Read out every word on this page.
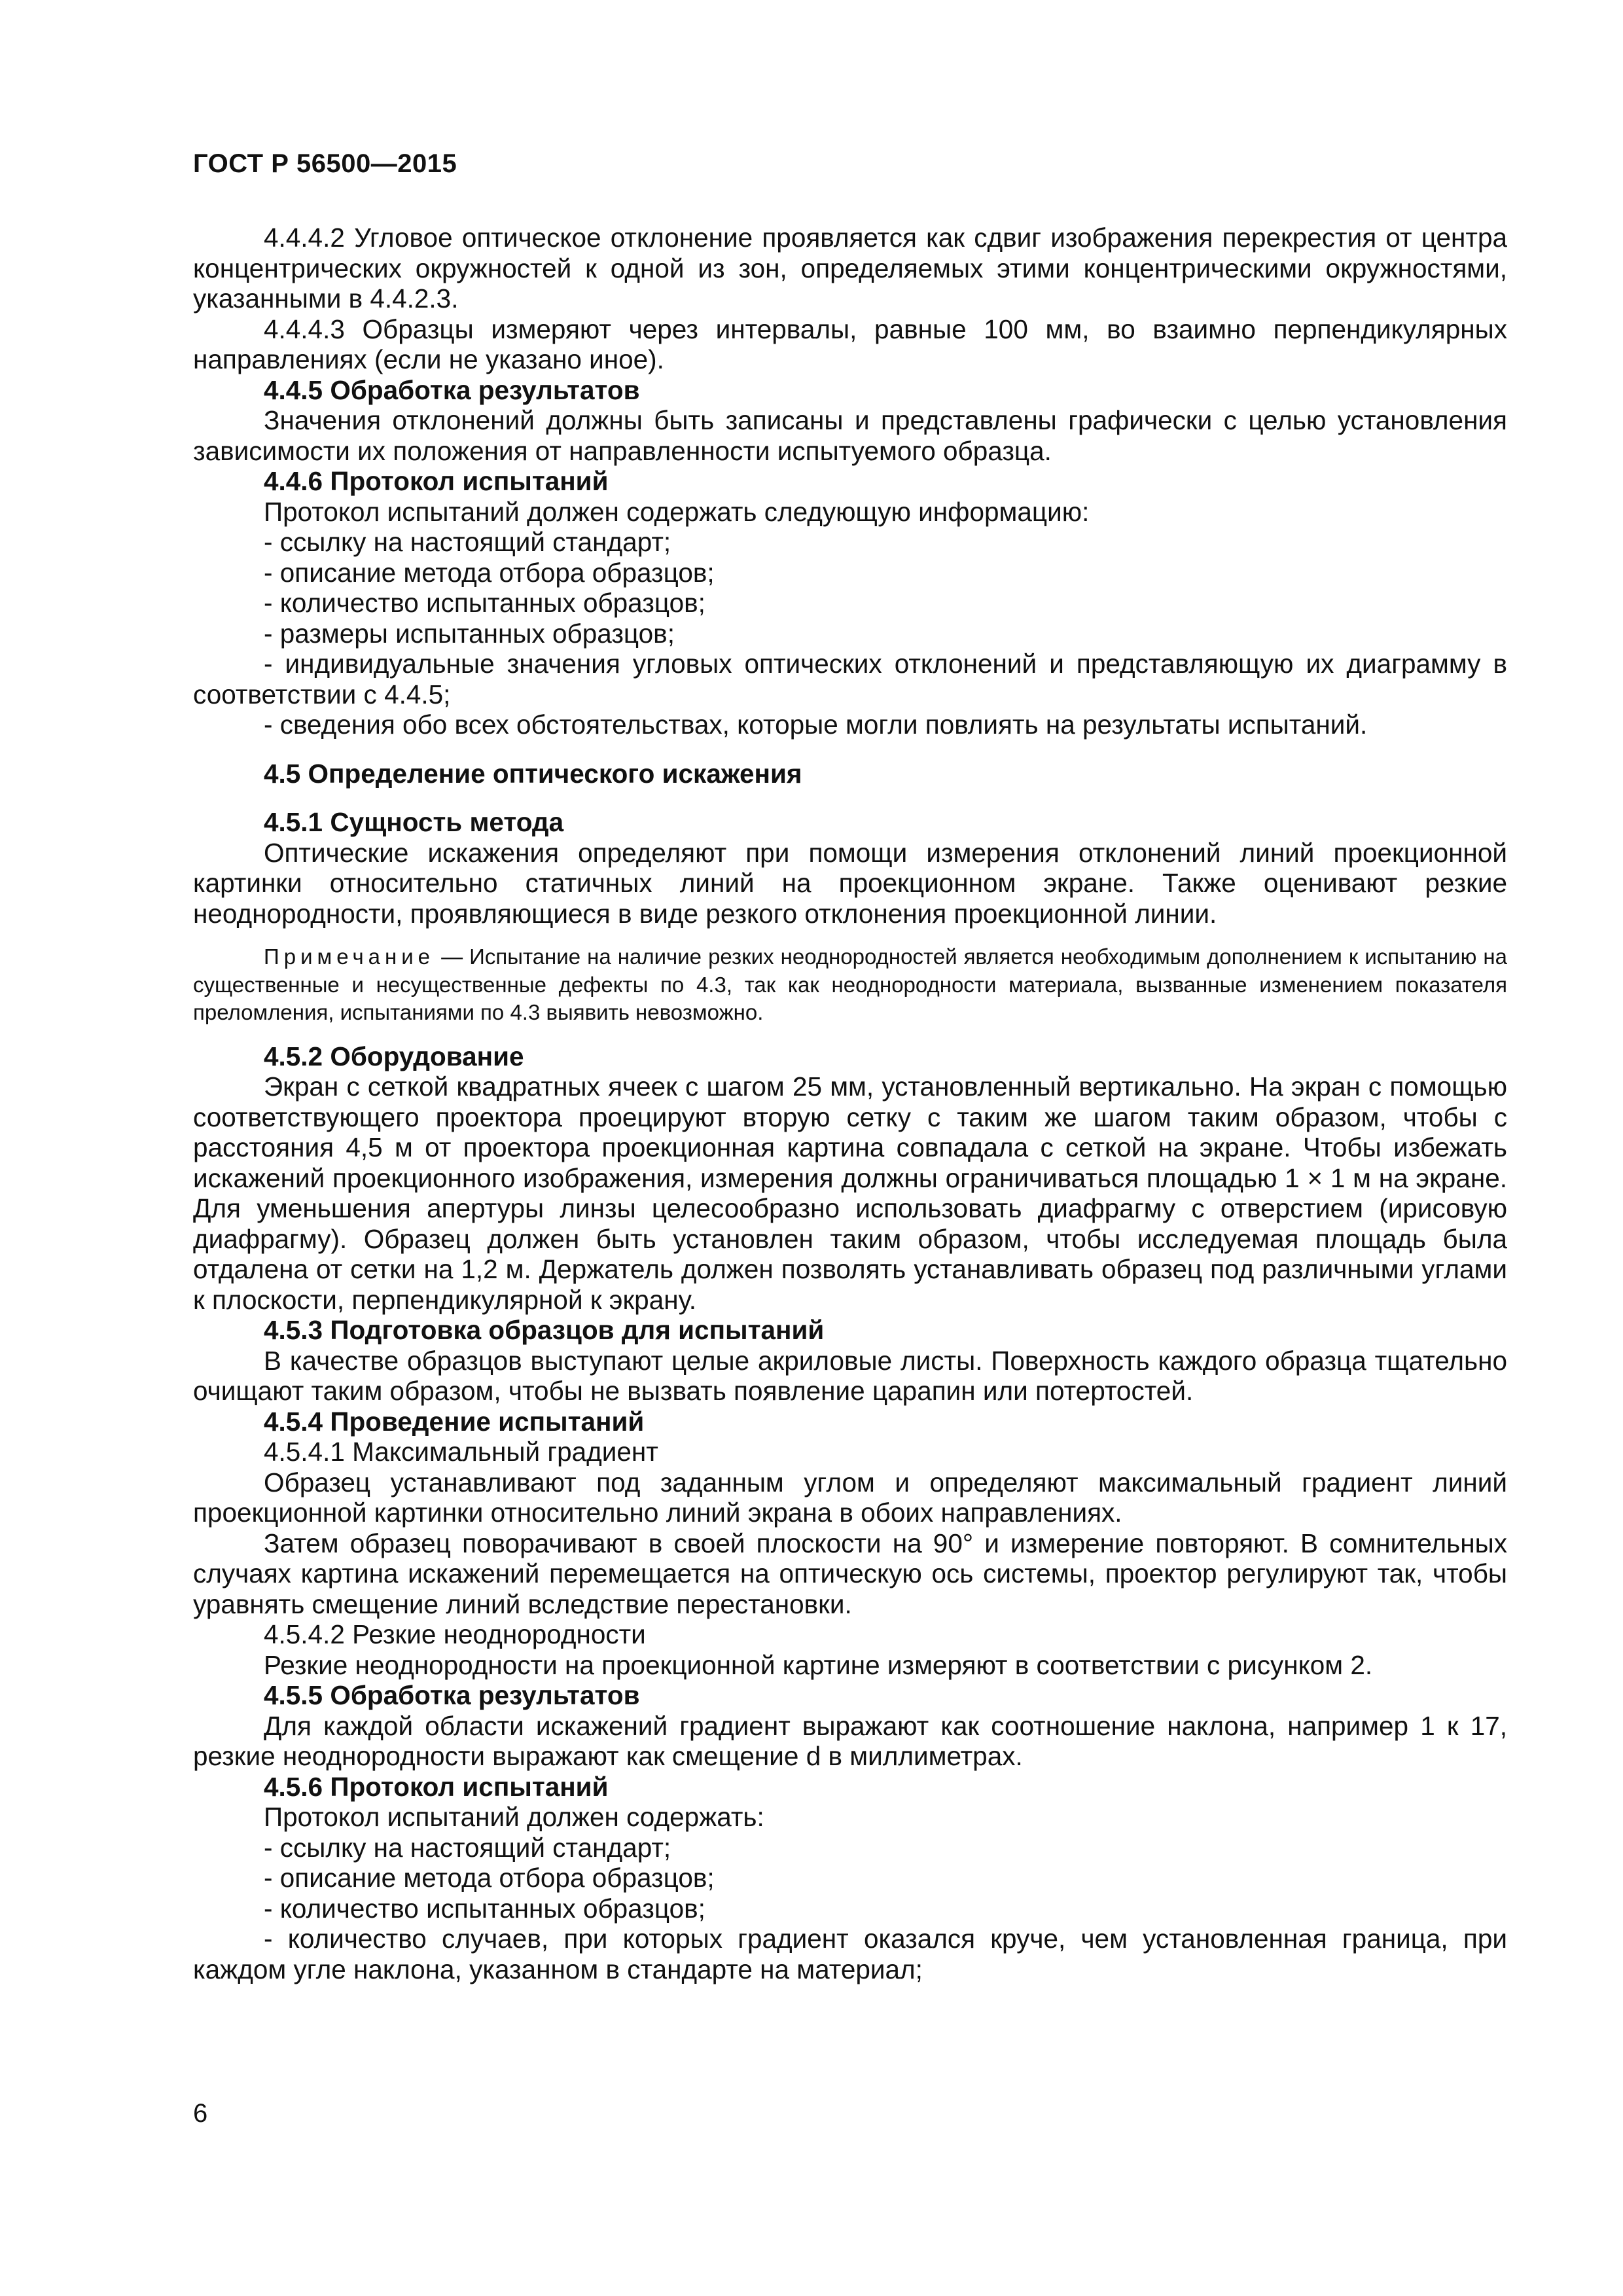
ГОСТ Р 56500—2015

4.4.4.2 Угловое оптическое отклонение проявляется как сдвиг изображения перекрестия от центра концентрических окружностей к одной из зон, определяемых этими концентрическими окружностями, указанными в 4.4.2.3.

4.4.4.3 Образцы измеряют через интервалы, равные 100 мм, во взаимно перпендикулярных направлениях (если не указано иное).

4.4.5 Обработка результатов

Значения отклонений должны быть записаны и представлены графически с целью установления зависимости их положения от направленности испытуемого образца.

4.4.6 Протокол испытаний

Протокол испытаний должен содержать следующую информацию:

- ссылку на настоящий стандарт;

- описание метода отбора образцов;

- количество испытанных образцов;

- размеры испытанных образцов;

- индивидуальные значения угловых оптических отклонений и представляющую их диаграмму в соответствии с 4.4.5;

- сведения обо всех обстоятельствах, которые могли повлиять на результаты испытаний.

4.5 Определение оптического искажения

4.5.1 Сущность метода

Оптические искажения определяют при помощи измерения отклонений линий проекционной картинки относительно статичных линий на проекционном экране. Также оценивают резкие неоднородности, проявляющиеся в виде резкого отклонения проекционной линии.

Примечание — Испытание на наличие резких неоднородностей является необходимым дополнением к испытанию на существенные и несущественные дефекты по 4.3, так как неоднородности материала, вызванные изменением показателя преломления, испытаниями по 4.3 выявить невозможно.

4.5.2 Оборудование

Экран с сеткой квадратных ячеек с шагом 25 мм, установленный вертикально. На экран с помощью соответствующего проектора проецируют вторую сетку с таким же шагом таким образом, чтобы с расстояния 4,5 м от проектора проекционная картина совпадала с сеткой на экране. Чтобы избежать искажений проекционного изображения, измерения должны ограничиваться площадью 1 × 1 м на экране. Для уменьшения апертуры линзы целесообразно использовать диафрагму с отверстием (ирисовую диафрагму). Образец должен быть установлен таким образом, чтобы исследуемая площадь была отдалена от сетки на 1,2 м. Держатель должен позволять устанавливать образец под различными углами к плоскости, перпендикулярной к экрану.

4.5.3 Подготовка образцов для испытаний

В качестве образцов выступают целые акриловые листы. Поверхность каждого образца тщательно очищают таким образом, чтобы не вызвать появление царапин или потертостей.

4.5.4 Проведение испытаний

4.5.4.1 Максимальный градиент

Образец устанавливают под заданным углом и определяют максимальный градиент линий проекционной картинки относительно линий экрана в обоих направлениях.

Затем образец поворачивают в своей плоскости на 90° и измерение повторяют. В сомнительных случаях картина искажений перемещается на оптическую ось системы, проектор регулируют так, чтобы уравнять смещение линий вследствие перестановки.

4.5.4.2 Резкие неоднородности

Резкие неоднородности на проекционной картине измеряют в соответствии с рисунком 2.

4.5.5 Обработка результатов

Для каждой области искажений градиент выражают как соотношение наклона, например 1 к 17, резкие неоднородности выражают как смещение d в миллиметрах.

4.5.6 Протокол испытаний

Протокол испытаний должен содержать:

- ссылку на настоящий стандарт;

- описание метода отбора образцов;

- количество испытанных образцов;

- количество случаев, при которых градиент оказался круче, чем установленная граница, при каждом угле наклона, указанном в стандарте на материал;

6
